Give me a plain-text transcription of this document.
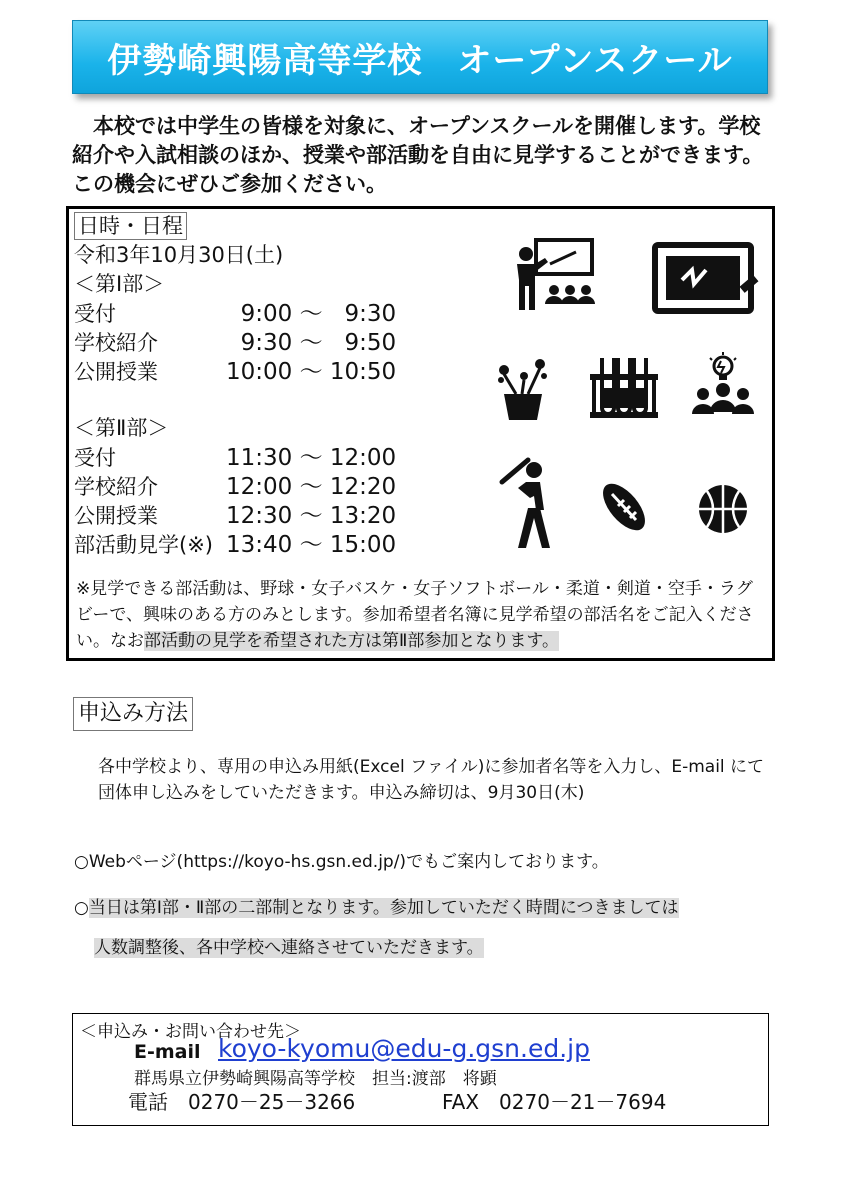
伊勢崎興陽高等学校　オープンスクール
本校では中学生の皆様を対象に、オープンスクールを開催します。学校紹介や入試相談のほか、授業や部活動を自由に見学することができます。この機会にぜひご参加ください。
日時・日程
令和3年10月30日(土)
＜第Ⅰ部＞
受付	9:00 ～   9:30
学校紹介	9:30 ～   9:50
公開授業	10:00 ～ 10:50
＜第Ⅱ部＞
受付	11:30 ～ 12:00
学校紹介	12:00 ～ 12:20
公開授業	12:30 ～ 13:20
部活動見学(※) 13:40 ～ 15:00
※見学できる部活動は、野球・女子バスケ・女子ソフトボール・柔道・剣道・空手・ラグビーで、興味のある方のみとします。参加希望者名簿に見学希望の部活名をご記入ください。なお部活動の見学を希望された方は第Ⅱ部参加となります。
申込み方法
各中学校より、専用の申込み用紙(Excel ファイル)に参加者名等を入力し、E-mail にて団体申し込みをしていただきます。申込み締切は、9月30日(木)
○Webページ(https://koyo-hs.gsn.ed.jp/)でもご案内しております。
○当日は第Ⅰ部・Ⅱ部の二部制となります。参加していただく時間につきましては
人数調整後、各中学校へ連絡させていただきます。
＜申込み・お問い合わせ先＞
E-mail koyo-kyomu@edu-g.gsn.ed.jp
群馬県立伊勢崎興陽高等学校　担当:渡部　将顕
電話　0270－25－3266	FAX　0270－21－7694
